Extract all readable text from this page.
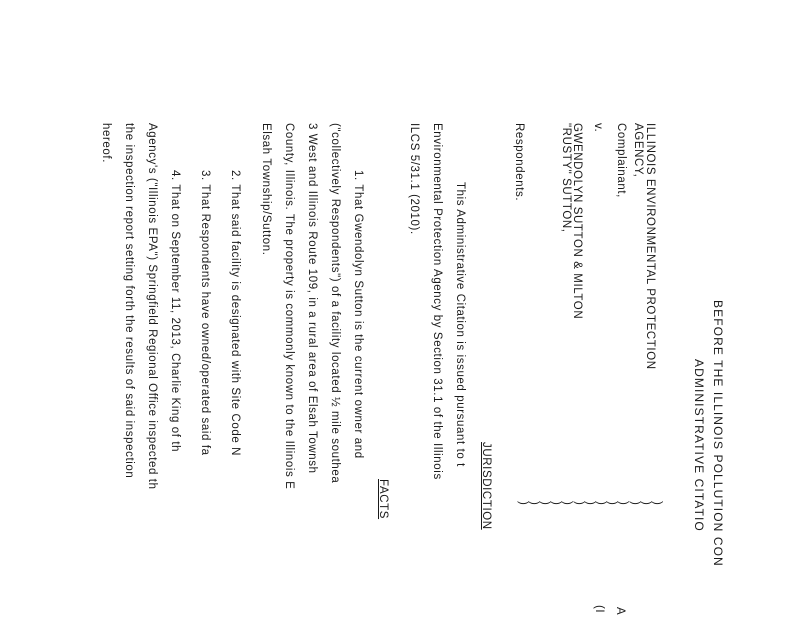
BEFORE THE ILLINOIS POLLUTION CON
ADMINISTRATIVE CITATIO
ILLINOIS ENVIRONMENTAL PROTECTION
AGENCY,
Complainant,
v.
GWENDOLYN SUTTON & MILTON
"RUSTY" SUTTON,
Respondents.
)
)
)
)
)
)
)
)
)
)
)
)
)
A
(I
JURISDICTION
This Administrative Citation is issued pursuant to t
Environmental Protection Agency by Section 31.1 of the Illinois
ILCS 5/31.1 (2010).
FACTS
1. That Gwendolyn Sutton is the current owner and
("collectively Respondents") of a facility located ½ mile southea
3 West and Illinois Route 109, in a rural area of Elsah Townsh
County, Illinois. The property is commonly known to the Illinois E
Elsah Township/Sutton.
2. That said facility is designated with Site Code N
3. That Respondents have owned/operated said fa
4. That on September 11, 2013, Charlie King of th
Agency's ("Illinois EPA") Springfield Regional Office inspected th
the inspection report setting forth the results of said inspection
hereof.
